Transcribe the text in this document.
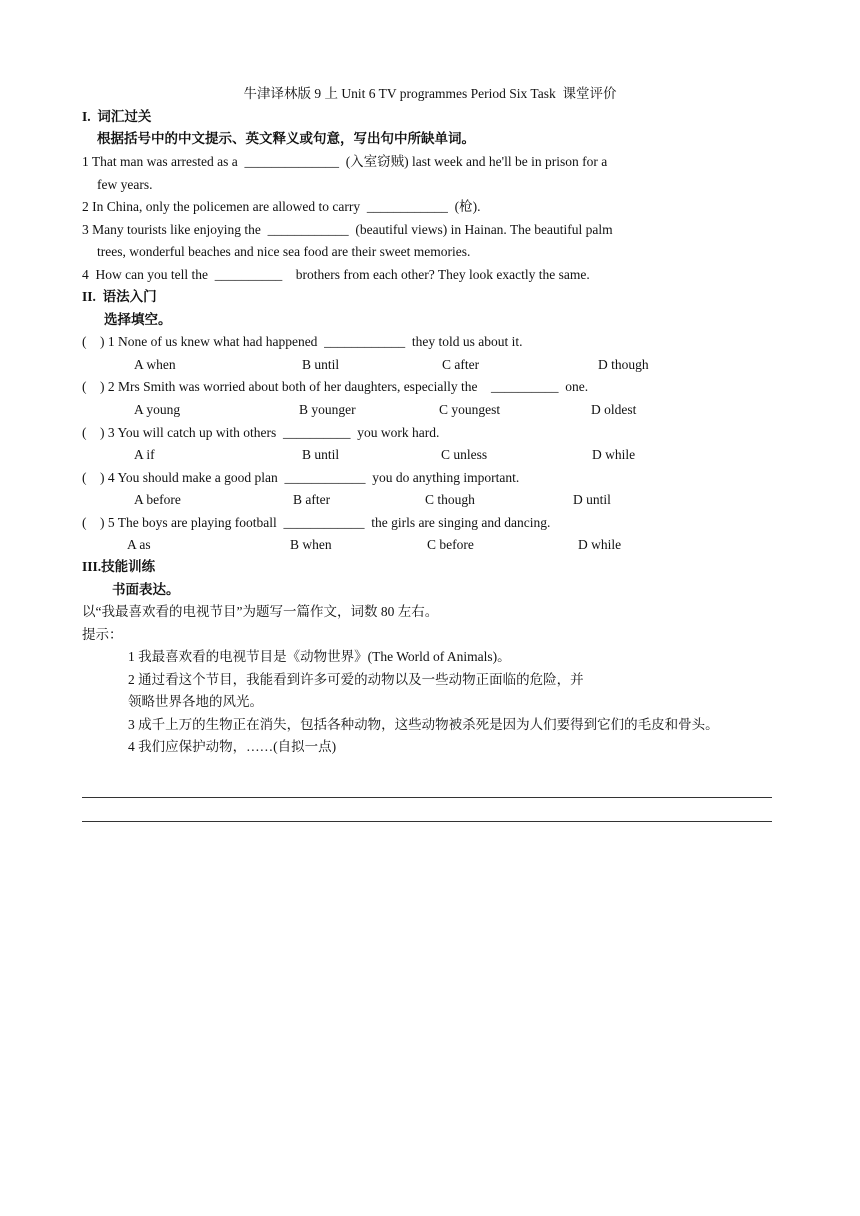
牛津译林版 9 上 Unit 6 TV programmes Period Six Task  课堂评价
I.  词汇过关
根据括号中的中文提示、英文释义或句意，写出句中所缺单词。
1 That man was arrested as a  ______________  (入室窃贼) last week and he'll be in prison for a
few years.
2 In China, only the policemen are allowed to carry  ____________  (枪).
3 Many tourists like enjoying the  ____________  (beautiful views) in Hainan. The beautiful palm
trees, wonderful beaches and nice sea food are their sweet memories.
4  How can you tell the  __________    brothers from each other? They look exactly the same.
II.  语法入门
选择填空。
(    ) 1 None of us knew what had happened  ____________  they told us about it.
A when	B until	C after	D though
(    ) 2 Mrs Smith was worried about both of her daughters, especially the    __________  one.
A young	B younger	C youngest	D oldest
(    ) 3 You will catch up with others  __________  you work hard.
A if	B until	C unless	D while
(    ) 4 You should make a good plan  ____________  you do anything important.
A before	B after	C though	D until
(    ) 5 The boys are playing football  ____________  the girls are singing and dancing.
A as	B when	C before	D while
III.技能训练
书面表达。
以“我最喜欢看的电视节目”为题写一篇作文，词数 80 左右。
提示：
1 我最喜欢看的电视节目是《动物世界》(The World of Animals)。
2 通过看这个节目，我能看到许多可爱的动物以及一些动物正面临的危险，并
领略世界各地的风光。
3 成千上万的生物正在消失，包括各种动物，这些动物被杀死是因为人们要得到它们的毛皮和骨头。
4 我们应保护动物，……(自拟一点)
